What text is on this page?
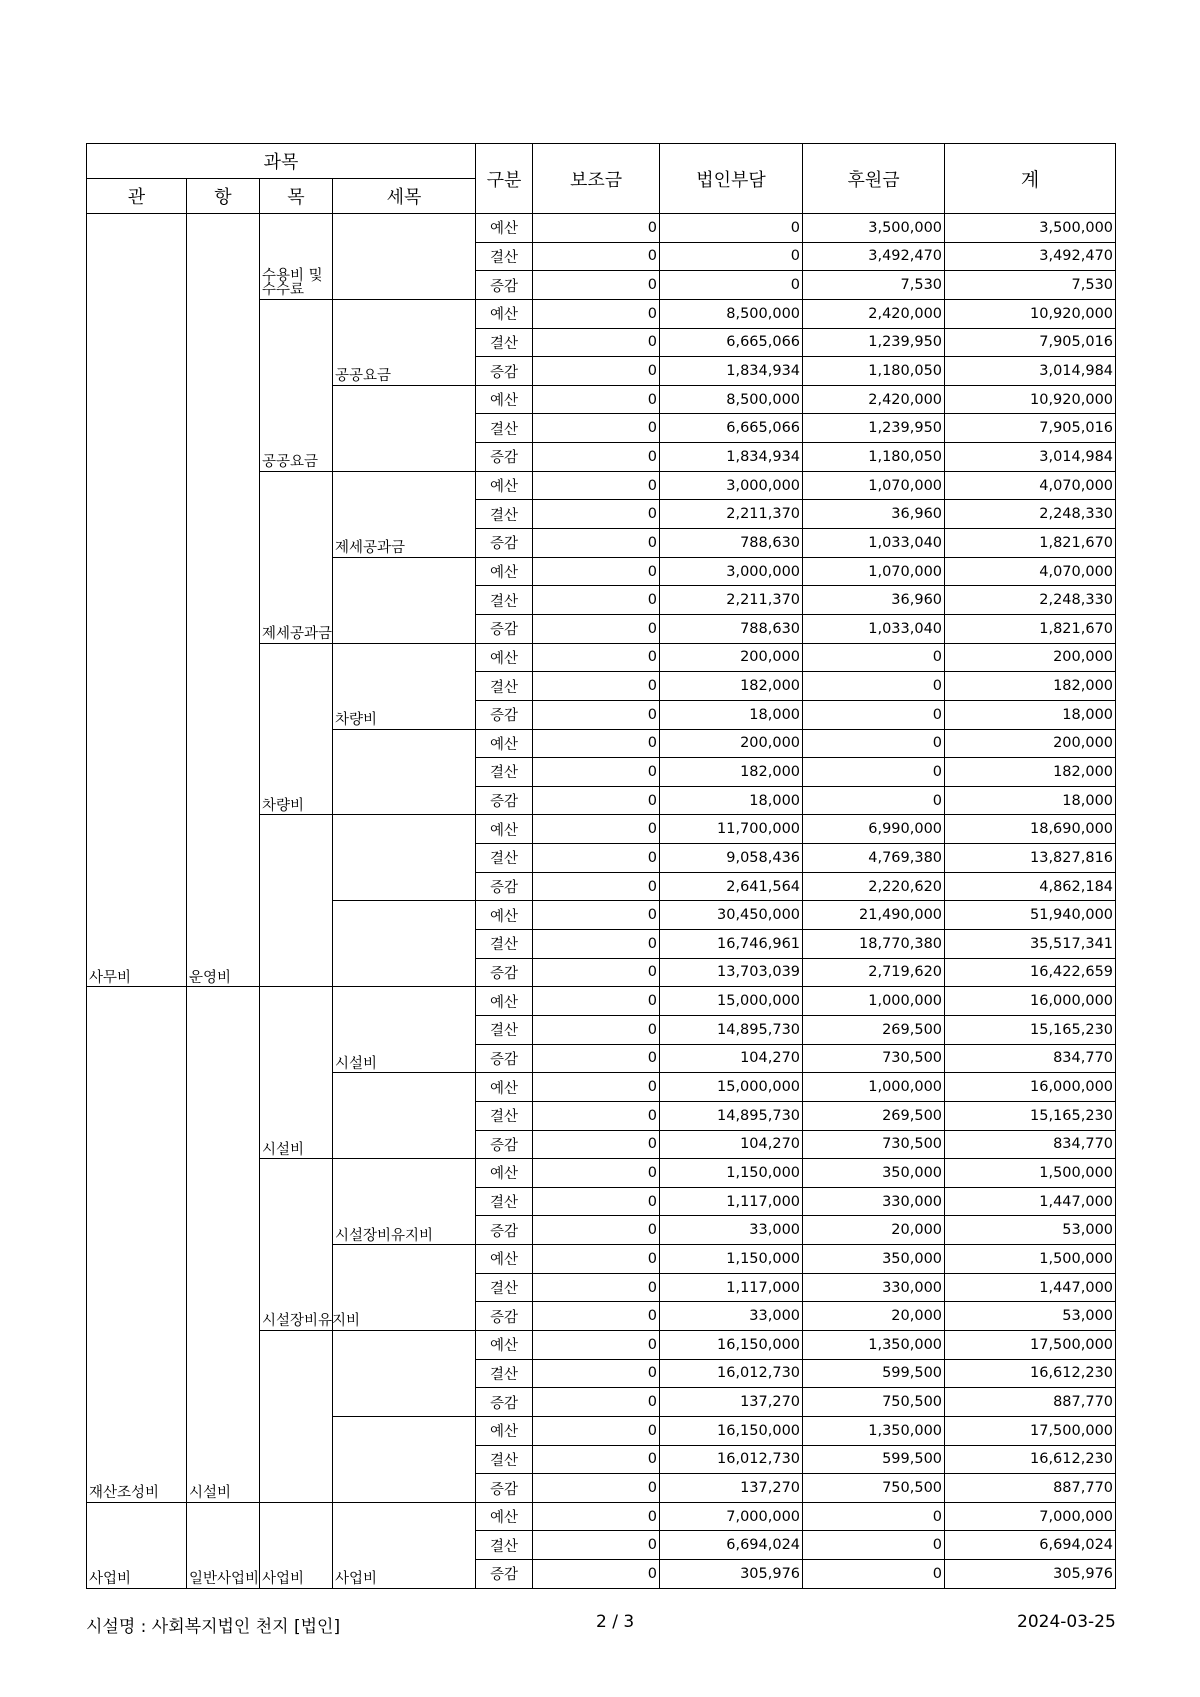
과목				구분	보조금	법인부담	후원금	계
관	항	목	세목					
사무비	운영비	수용비 및 수수료		예산	0	0	3,500,000	3,500,000
				결산	0	0	3,492,470	3,492,470
				증감	0	0	7,530	7,530
		공공요금	공공요금	예산	0	8,500,000	2,420,000	10,920,000
				결산	0	6,665,066	1,239,950	7,905,016
				증감	0	1,834,934	1,180,050	3,014,984
				예산	0	8,500,000	2,420,000	10,920,000
				결산	0	6,665,066	1,239,950	7,905,016
				증감	0	1,834,934	1,180,050	3,014,984
		제세공과금	제세공과금	예산	0	3,000,000	1,070,000	4,070,000
				결산	0	2,211,370	36,960	2,248,330
				증감	0	788,630	1,033,040	1,821,670
				예산	0	3,000,000	1,070,000	4,070,000
				결산	0	2,211,370	36,960	2,248,330
				증감	0	788,630	1,033,040	1,821,670
		차량비	차량비	예산	0	200,000	0	200,000
				결산	0	182,000	0	182,000
				증감	0	18,000	0	18,000
				예산	0	200,000	0	200,000
				결산	0	182,000	0	182,000
				증감	0	18,000	0	18,000
				예산	0	11,700,000	6,990,000	18,690,000
				결산	0	9,058,436	4,769,380	13,827,816
				증감	0	2,641,564	2,220,620	4,862,184
				예산	0	30,450,000	21,490,000	51,940,000
				결산	0	16,746,961	18,770,380	35,517,341
				증감	0	13,703,039	2,719,620	16,422,659
재산조성비	시설비	시설비	시설비	예산	0	15,000,000	1,000,000	16,000,000
				결산	0	14,895,730	269,500	15,165,230
				증감	0	104,270	730,500	834,770
				예산	0	15,000,000	1,000,000	16,000,000
				결산	0	14,895,730	269,500	15,165,230
				증감	0	104,270	730,500	834,770
		시설장비유지비	시설장비유지비	예산	0	1,150,000	350,000	1,500,000
				결산	0	1,117,000	330,000	1,447,000
				증감	0	33,000	20,000	53,000
				예산	0	1,150,000	350,000	1,500,000
				결산	0	1,117,000	330,000	1,447,000
				증감	0	33,000	20,000	53,000
				예산	0	16,150,000	1,350,000	17,500,000
				결산	0	16,012,730	599,500	16,612,230
				증감	0	137,270	750,500	887,770
				예산	0	16,150,000	1,350,000	17,500,000
				결산	0	16,012,730	599,500	16,612,230
				증감	0	137,270	750,500	887,770
사업비	일반사업비	사업비	사업비	예산	0	7,000,000	0	7,000,000
				결산	0	6,694,024	0	6,694,024
				증감	0	305,976	0	305,976
시설명 : 사회복지법인 천지 [법인]	2 / 3	2024-03-25
